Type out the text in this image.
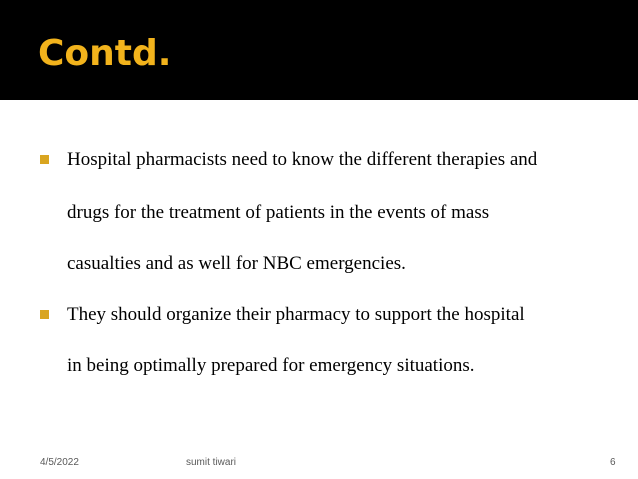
Contd.
Hospital pharmacists need to know the different therapies and
drugs for the treatment of patients in the events of mass
casualties and as well for NBC emergencies.
They should organize their pharmacy to support the hospital
in being optimally prepared for emergency situations.
4/5/2022	sumit tiwari	6
